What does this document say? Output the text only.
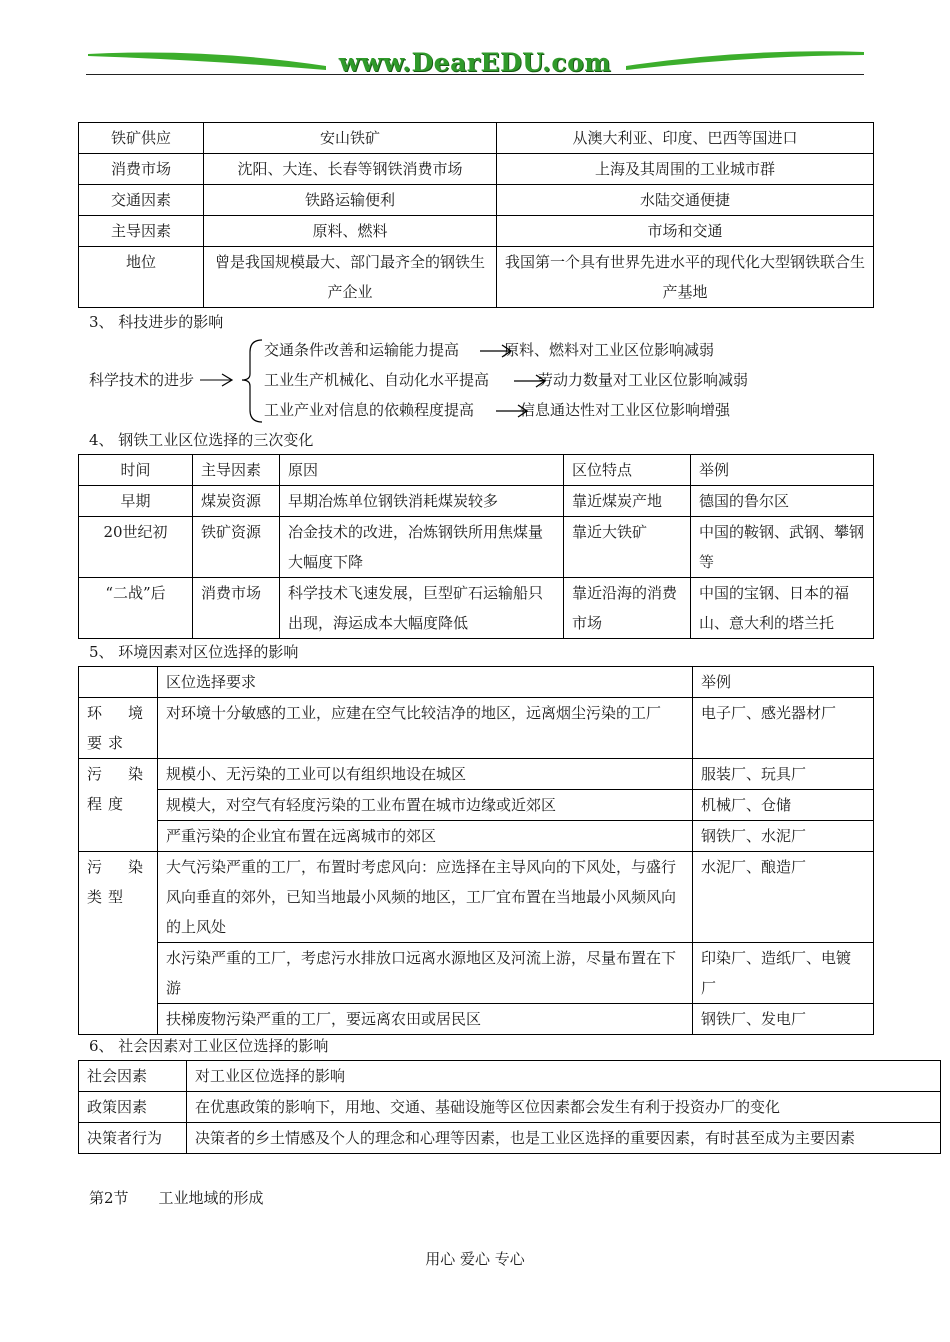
www.DearEDU.com
铁矿供应	安山铁矿	从澳大利亚、印度、巴西等国进口
消费市场	沈阳、大连、长春等钢铁消费市场	上海及其周围的工业城市群
交通因素	铁路运输便利	水陆交通便捷
主导因素	原料、燃料	市场和交通
地位	曾是我国规模最大、部门最齐全的钢铁生产企业	我国第一个具有世界先进水平的现代化大型钢铁联合生产基地
3、 科技进步的影响
科学技术的进步
交通条件改善和运输能力提高	原料、燃料对工业区位影响减弱
工业生产机械化、自动化水平提高	劳动力数量对工业区位影响减弱
工业产业对信息的依赖程度提高	信息通达性对工业区位影响增强
4、 钢铁工业区位选择的三次变化
时间	主导因素	原因	区位特点	举例
早期	煤炭资源	早期冶炼单位钢铁消耗煤炭较多	靠近煤炭产地	德国的鲁尔区
20世纪初	铁矿资源	冶金技术的改进，冶炼钢铁所用焦煤量大幅度下降	靠近大铁矿	中国的鞍钢、武钢、攀钢等
“二战”后	消费市场	科学技术飞速发展，巨型矿石运输船只出现，海运成本大幅度降低	靠近沿海的消费市场	中国的宝钢、日本的福山、意大利的塔兰托
5、 环境因素对区位选择的影响
	区位选择要求	举例
环境要求	对环境十分敏感的工业，应建在空气比较洁净的地区，远离烟尘污染的工厂	电子厂、感光器材厂
污染程度	规模小、无污染的工业可以有组织地设在城区	服装厂、玩具厂
	规模大，对空气有轻度污染的工业布置在城市边缘或近郊区	机械厂、仓储
	严重污染的企业宜布置在远离城市的郊区	钢铁厂、水泥厂
污染类型	大气污染严重的工厂，布置时考虑风向：应选择在主导风向的下风处，与盛行风向垂直的郊外，已知当地最小风频的地区，工厂宜布置在当地最小风频风向的上风处	水泥厂、酿造厂
	水污染严重的工厂，考虑污水排放口远离水源地区及河流上游，尽量布置在下游	印染厂、造纸厂、电镀厂
	扶梯废物污染严重的工厂，要远离农田或居民区	钢铁厂、发电厂
6、 社会因素对工业区位选择的影响
社会因素	对工业区位选择的影响
政策因素	在优惠政策的影响下，用地、交通、基础设施等区位因素都会发生有利于投资办厂的变化
决策者行为	决策者的乡土情感及个人的理念和心理等因素，也是工业区选择的重要因素，有时甚至成为主要因素
第2节　　工业地域的形成
用心 爱心 专心
